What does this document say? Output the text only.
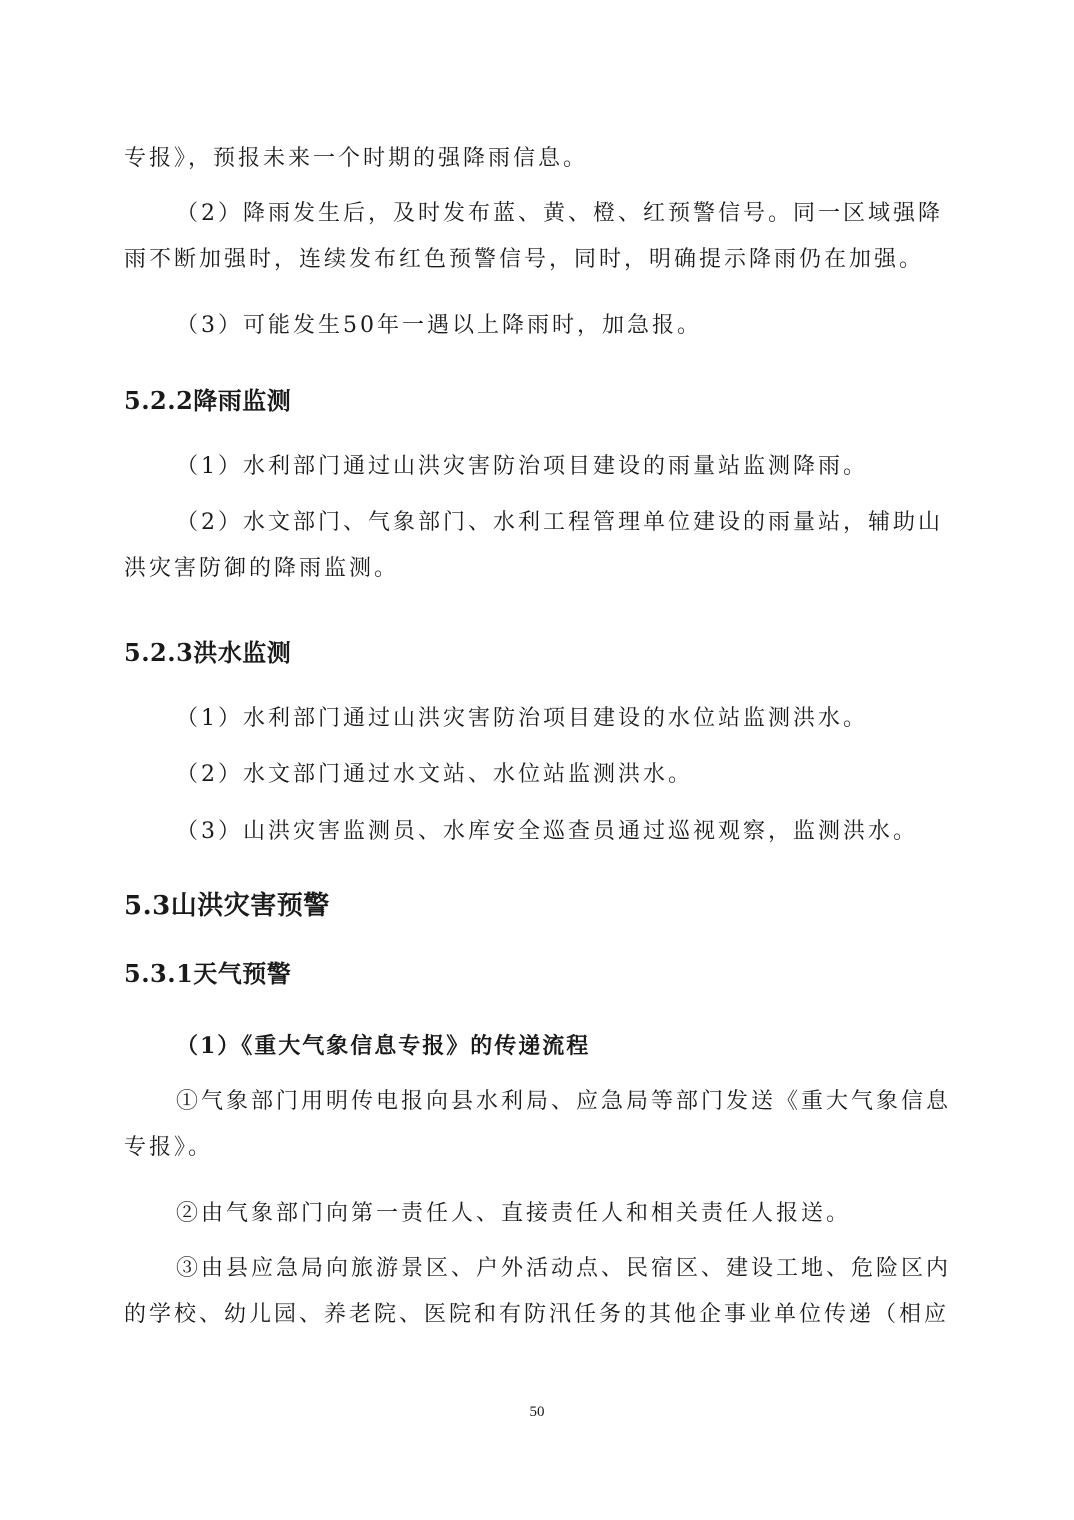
专报》，预报未来一个时期的强降雨信息。
（2）降雨发生后，及时发布蓝、黄、橙、红预警信号。同一区域强降
雨不断加强时，连续发布红色预警信号，同时，明确提示降雨仍在加强。
（3）可能发生50年一遇以上降雨时，加急报。
5.2.2降雨监测
（1）水利部门通过山洪灾害防治项目建设的雨量站监测降雨。
（2）水文部门、气象部门、水利工程管理单位建设的雨量站，辅助山
洪灾害防御的降雨监测。
5.2.3洪水监测
（1）水利部门通过山洪灾害防治项目建设的水位站监测洪水。
（2）水文部门通过水文站、水位站监测洪水。
（3）山洪灾害监测员、水库安全巡查员通过巡视观察，监测洪水。
5.3山洪灾害预警
5.3.1天气预警
（1）《重大气象信息专报》的传递流程
①气象部门用明传电报向县水利局、应急局等部门发送《重大气象信息
专报》。
②由气象部门向第一责任人、直接责任人和相关责任人报送。
③由县应急局向旅游景区、户外活动点、民宿区、建设工地、危险区内
的学校、幼儿园、养老院、医院和有防汛任务的其他企事业单位传递（相应
50
